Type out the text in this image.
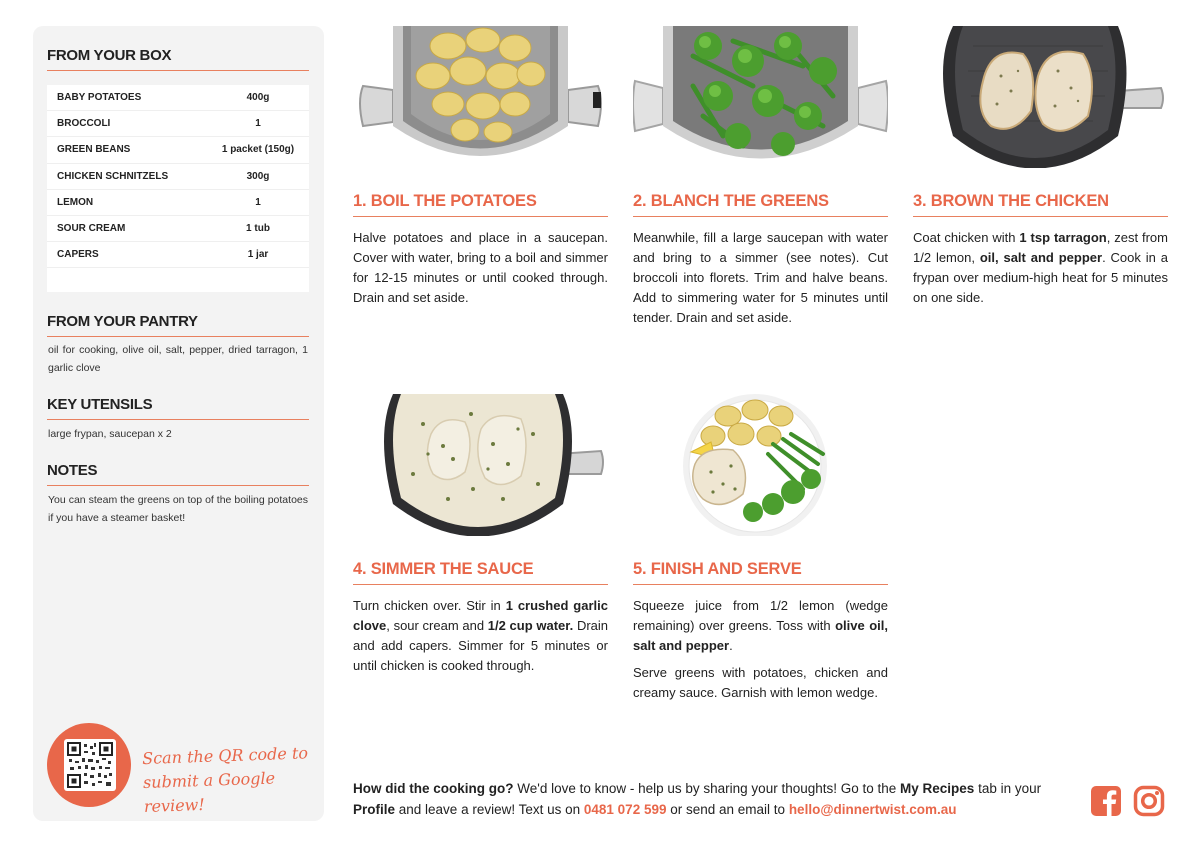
FROM YOUR BOX
BABY POTATOES	400g
BROCCOLI	1
GREEN BEANS	1 packet (150g)
CHICKEN SCHNITZELS	300g
LEMON	1
SOUR CREAM	1 tub
CAPERS	1 jar
FROM YOUR PANTRY
oil for cooking, olive oil, salt, pepper, dried tarragon, 1 garlic clove
KEY UTENSILS
large frypan, saucepan x 2
NOTES
You can steam the greens on top of the boiling potatoes if you have a steamer basket!
Scan the QR code to
submit a Google review!
1. BOIL THE POTATOES

Halve potatoes and place in a saucepan. Cover with water, bring to a boil and simmer for 12-15 minutes or until cooked through. Drain and set aside.

2. BLANCH THE GREENS

Meanwhile, fill a large saucepan with water and bring to a simmer (see notes). Cut broccoli into florets. Trim and halve beans. Add to simmering water for 5 minutes until tender. Drain and set aside.

3. BROWN THE CHICKEN

Coat chicken with 1 tsp tarragon, zest from 1/2 lemon, oil, salt and pepper. Cook in a frypan over medium-high heat for 5 minutes on one side.

4. SIMMER THE SAUCE

Turn chicken over. Stir in 1 crushed garlic clove, sour cream and 1/2 cup water. Drain and add capers. Simmer for 5 minutes or until chicken is cooked through.

5. FINISH AND SERVE

Squeeze juice from 1/2 lemon (wedge remaining) over greens. Toss with olive oil, salt and pepper.

Serve greens with potatoes, chicken and creamy sauce. Garnish with lemon wedge.

How did the cooking go? We'd love to know - help us by sharing your thoughts! Go to the My Recipes tab in your Profile and leave a review! Text us on 0481 072 599 or send an email to hello@dinnertwist.com.au
